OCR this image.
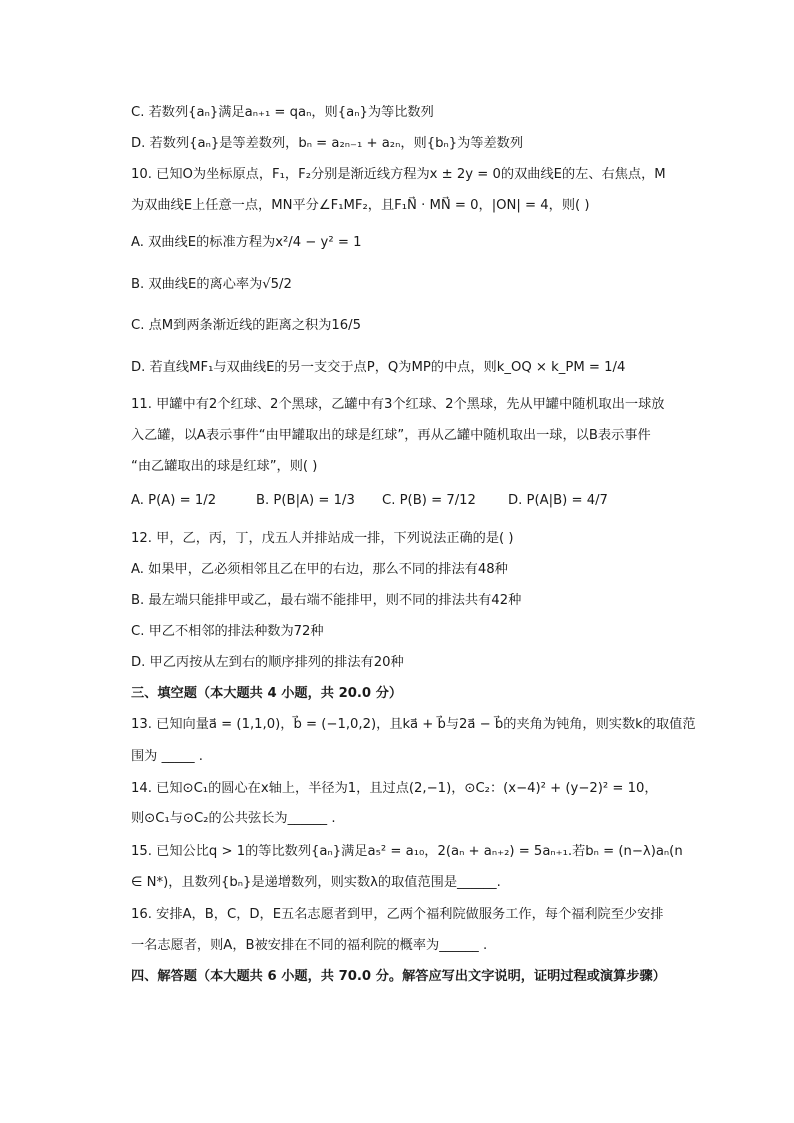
C. 若数列{aₙ}满足aₙ₊₁ = qaₙ，则{aₙ}为等比数列
D. 若数列{aₙ}是等差数列，bₙ = a₂ₙ₋₁ + a₂ₙ，则{bₙ}为等差数列
10. 已知O为坐标原点，F₁，F₂分别是渐近线方程为x ± 2y = 0的双曲线E的左、右焦点，M
为双曲线E上任意一点，MN平分∠F₁MF₂，且F₁N⃗ · MN⃗ = 0，|ON| = 4，则( )
A. 双曲线E的标准方程为x²/4 − y² = 1
B. 双曲线E的离心率为√5/2
C. 点M到两条渐近线的距离之积为16/5
D. 若直线MF₁与双曲线E的另一支交于点P，Q为MP的中点，则k_OQ × k_PM = 1/4
11. 甲罐中有2个红球、2个黑球，乙罐中有3个红球、2个黑球，先从甲罐中随机取出一球放
入乙罐，以A表示事件“由甲罐取出的球是红球”，再从乙罐中随机取出一球，以B表示事件
“由乙罐取出的球是红球”，则( )
A. P(A) = 1/2	B. P(B|A) = 1/3 C. P(B) = 7/12 D. P(A|B) = 4/7
12. 甲，乙，丙，丁，戊五人并排站成一排，下列说法正确的是( )
A. 如果甲，乙必须相邻且乙在甲的右边，那么不同的排法有48种
B. 最左端只能排甲或乙，最右端不能排甲，则不同的排法共有42种
C. 甲乙不相邻的排法种数为72种
D. 甲乙丙按从左到右的顺序排列的排法有20种
三、填空题（本大题共 4 小题，共 20.0 分）
13. 已知向量a⃗ = (1,1,0)，b⃗ = (−1,0,2)，且ka⃗ + b⃗与2a⃗ − b⃗的夹角为钝角，则实数k的取值范
围为 _____ .
14. 已知⊙C₁的圆心在x轴上，半径为1，且过点(2,−1)，⊙C₂：(x−4)² + (y−2)² = 10，
则⊙C₁与⊙C₂的公共弦长为______ .
15. 已知公比q > 1的等比数列{aₙ}满足a₅² = a₁₀，2(aₙ + aₙ₊₂) = 5aₙ₊₁.若bₙ = (n−λ)aₙ(n
∈ N*)，且数列{bₙ}是递增数列，则实数λ的取值范围是______.
16. 安排A，B，C，D，E五名志愿者到甲，乙两个福利院做服务工作，每个福利院至少安排
一名志愿者，则A，B被安排在不同的福利院的概率为______ .
四、解答题（本大题共 6 小题，共 70.0 分。解答应写出文字说明，证明过程或演算步骤）
